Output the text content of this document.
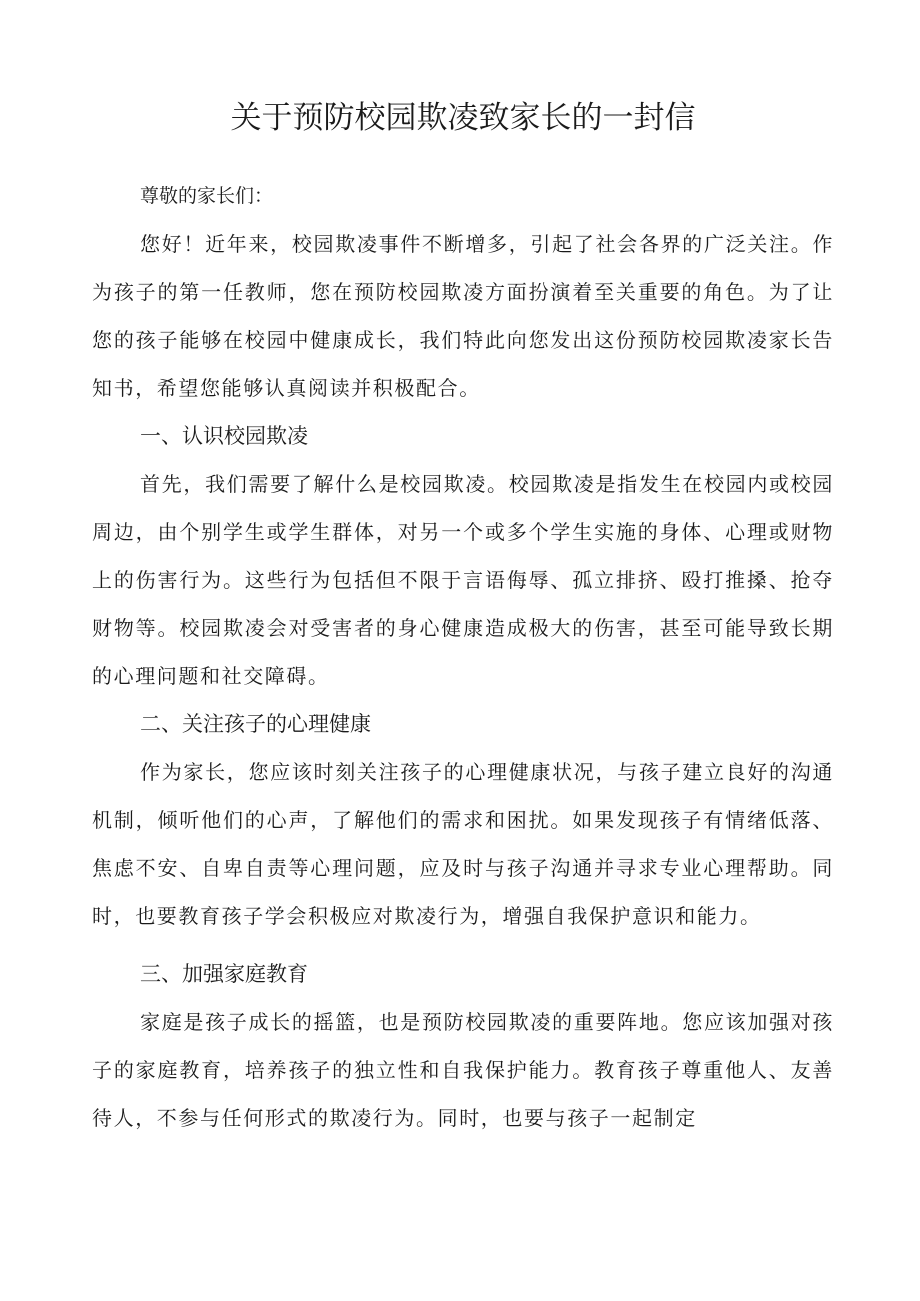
关于预防校园欺凌致家长的一封信

尊敬的家长们：

您好！近年来，校园欺凌事件不断增多，引起了社会各界的广泛关注。作为孩子的第一任教师，您在预防校园欺凌方面扮演着至关重要的角色。为了让您的孩子能够在校园中健康成长，我们特此向您发出这份预防校园欺凌家长告知书，希望您能够认真阅读并积极配合。

一、认识校园欺凌

首先，我们需要了解什么是校园欺凌。校园欺凌是指发生在校园内或校园周边，由个别学生或学生群体，对另一个或多个学生实施的身体、心理或财物上的伤害行为。这些行为包括但不限于言语侮辱、孤立排挤、殴打推搡、抢夺财物等。校园欺凌会对受害者的身心健康造成极大的伤害，甚至可能导致长期的心理问题和社交障碍。

二、关注孩子的心理健康

作为家长，您应该时刻关注孩子的心理健康状况，与孩子建立良好的沟通机制，倾听他们的心声，了解他们的需求和困扰。如果发现孩子有情绪低落、焦虑不安、自卑自责等心理问题，应及时与孩子沟通并寻求专业心理帮助。同时，也要教育孩子学会积极应对欺凌行为，增强自我保护意识和能力。

三、加强家庭教育

家庭是孩子成长的摇篮，也是预防校园欺凌的重要阵地。您应该加强对孩子的家庭教育，培养孩子的独立性和自我保护能力。教育孩子尊重他人、友善待人，不参与任何形式的欺凌行为。同时，也要与孩子一起制定
